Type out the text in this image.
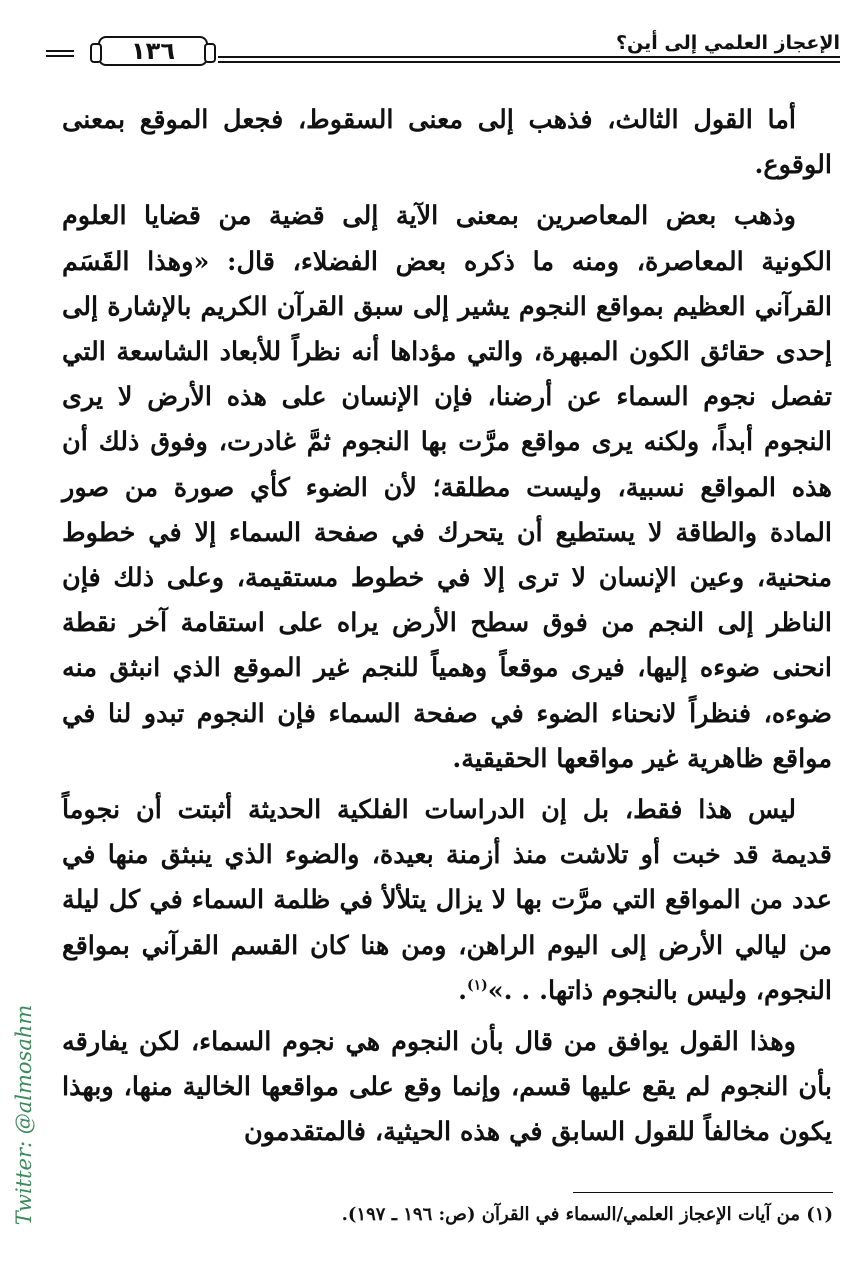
١٣٦	الإعجاز العلمي إلى أين؟

أما القول الثالث، فذهب إلى معنى السقوط، فجعل الموقع بمعنى الوقوع.

وذهب بعض المعاصرين بمعنى الآية إلى قضية من قضايا العلوم الكونية المعاصرة، ومنه ما ذكره بعض الفضلاء، قال: «وهذا القَسَم القرآني العظيم بمواقع النجوم يشير إلى سبق القرآن الكريم بالإشارة إلى إحدى حقائق الكون المبهرة، والتي مؤداها أنه نظراً للأبعاد الشاسعة التي تفصل نجوم السماء عن أرضنا، فإن الإنسان على هذه الأرض لا يرى النجوم أبداً، ولكنه يرى مواقع مرَّت بها النجوم ثمَّ غادرت، وفوق ذلك أن هذه المواقع نسبية، وليست مطلقة؛ لأن الضوء كأي صورة من صور المادة والطاقة لا يستطيع أن يتحرك في صفحة السماء إلا في خطوط منحنية، وعين الإنسان لا ترى إلا في خطوط مستقيمة، وعلى ذلك فإن الناظر إلى النجم من فوق سطح الأرض يراه على استقامة آخر نقطة انحنى ضوءه إليها، فيرى موقعاً وهمياً للنجم غير الموقع الذي انبثق منه ضوءه، فنظراً لانحناء الضوء في صفحة السماء فإن النجوم تبدو لنا في مواقع ظاهرية غير مواقعها الحقيقية.

ليس هذا فقط، بل إن الدراسات الفلكية الحديثة أثبتت أن نجوماً قديمة قد خبت أو تلاشت منذ أزمنة بعيدة، والضوء الذي ينبثق منها في عدد من المواقع التي مرَّت بها لا يزال يتلألأ في ظلمة السماء في كل ليلة من ليالي الأرض إلى اليوم الراهن، ومن هنا كان القسم القرآني بمواقع النجوم، وليس بالنجوم ذاتها. . .»$^{(١)}$.

وهذا القول يوافق من قال بأن النجوم هي نجوم السماء، لكن يفارقه بأن النجوم لم يقع عليها قسم، وإنما وقع على مواقعها الخالية منها، وبهذا يكون مخالفاً للقول السابق في هذه الحيثية، فالمتقدمون

(١) من آيات الإعجاز العلمي/السماء في القرآن (ص: ١٩٦ ـ ١٩٧).
Twitter: @almosahm
